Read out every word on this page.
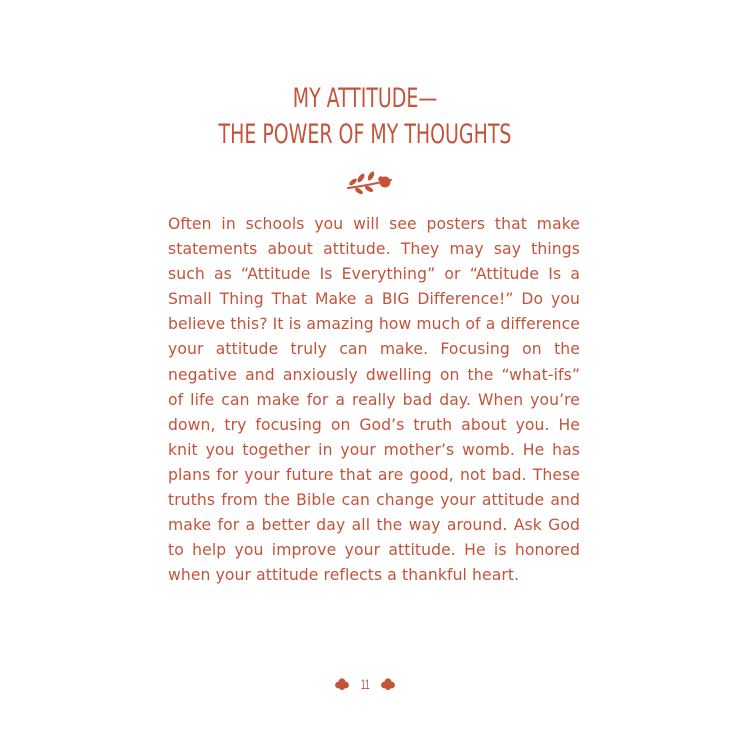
MY ATTITUDE—
THE POWER OF MY THOUGHTS

Often in schools you will see posters that make statements about attitude. They may say things such as “Attitude Is Everything” or “Attitude Is a Small Thing That Make a BIG Difference!” Do you believe this? It is amazing how much of a difference your attitude truly can make. Focusing on the negative and anxiously dwelling on the “what-ifs” of life can make for a really bad day. When you’re down, try focusing on God’s truth about you. He knit you together in your mother’s womb. He has plans for your future that are good, not bad. These truths from the Bible can change your attitude and make for a better day all the way around. Ask God to help you improve your attitude. He is honored when your attitude reflects a thankful heart.

11
